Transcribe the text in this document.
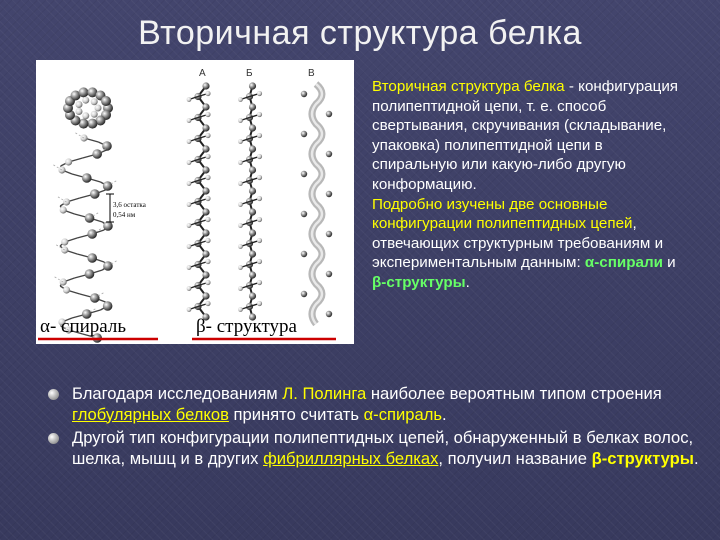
Вторичная структура белка
3,6 остатка
0,54 нм
А	Б	В
α- спираль	β- структура
Вторичная структура белка - конфигурация полипептидной цепи, т. е. способ свертывания, скручивания (складывание, упаковка) полипептидной цепи в спиральную или какую-либо другую конформацию.
Подробно изучены две основные конфигурации полипептидных цепей, отвечающих структурным требованиям и экспериментальным данным: α-спирали и β-структуры.
Благодаря исследованиям Л. Полинга наиболее вероятным типом строения глобулярных белков принято считать α-спираль.
Другой тип конфигурации полипептидных цепей, обнаруженный в белках волос, шелка, мышц и в других фибриллярных белках, получил название β-структуры.
